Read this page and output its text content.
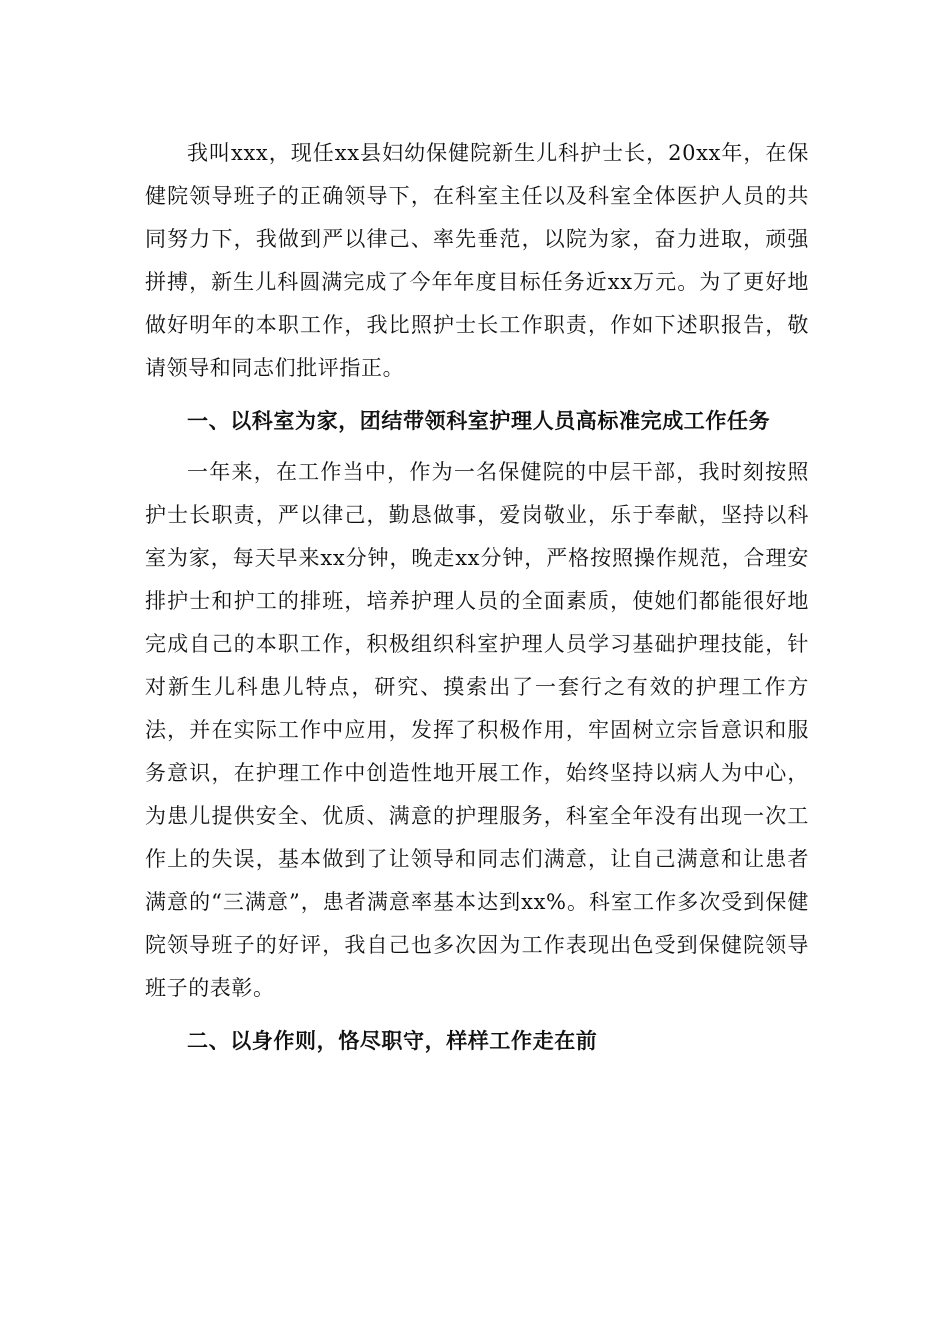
我叫xxx，现任xx县妇幼保健院新生儿科护士长，20xx年，在保健院领导班子的正确领导下，在科室主任以及科室全体医护人员的共同努力下，我做到严以律己、率先垂范，以院为家，奋力进取，顽强拼搏，新生儿科圆满完成了今年年度目标任务近xx万元。为了更好地做好明年的本职工作，我比照护士长工作职责，作如下述职报告，敬请领导和同志们批评指正。

一、以科室为家，团结带领科室护理人员高标准完成工作任务

一年来，在工作当中，作为一名保健院的中层干部，我时刻按照护士长职责，严以律己，勤恳做事，爱岗敬业，乐于奉献，坚持以科室为家，每天早来xx分钟，晚走xx分钟，严格按照操作规范，合理安排护士和护工的排班，培养护理人员的全面素质，使她们都能很好地完成自己的本职工作，积极组织科室护理人员学习基础护理技能，针对新生儿科患儿特点，研究、摸索出了一套行之有效的护理工作方法，并在实际工作中应用，发挥了积极作用，牢固树立宗旨意识和服务意识，在护理工作中创造性地开展工作，始终坚持以病人为中心，为患儿提供安全、优质、满意的护理服务，科室全年没有出现一次工作上的失误，基本做到了让领导和同志们满意，让自己满意和让患者满意的“三满意”，患者满意率基本达到xx%。科室工作多次受到保健院领导班子的好评，我自己也多次因为工作表现出色受到保健院领导班子的表彰。

二、以身作则，恪尽职守，样样工作走在前
